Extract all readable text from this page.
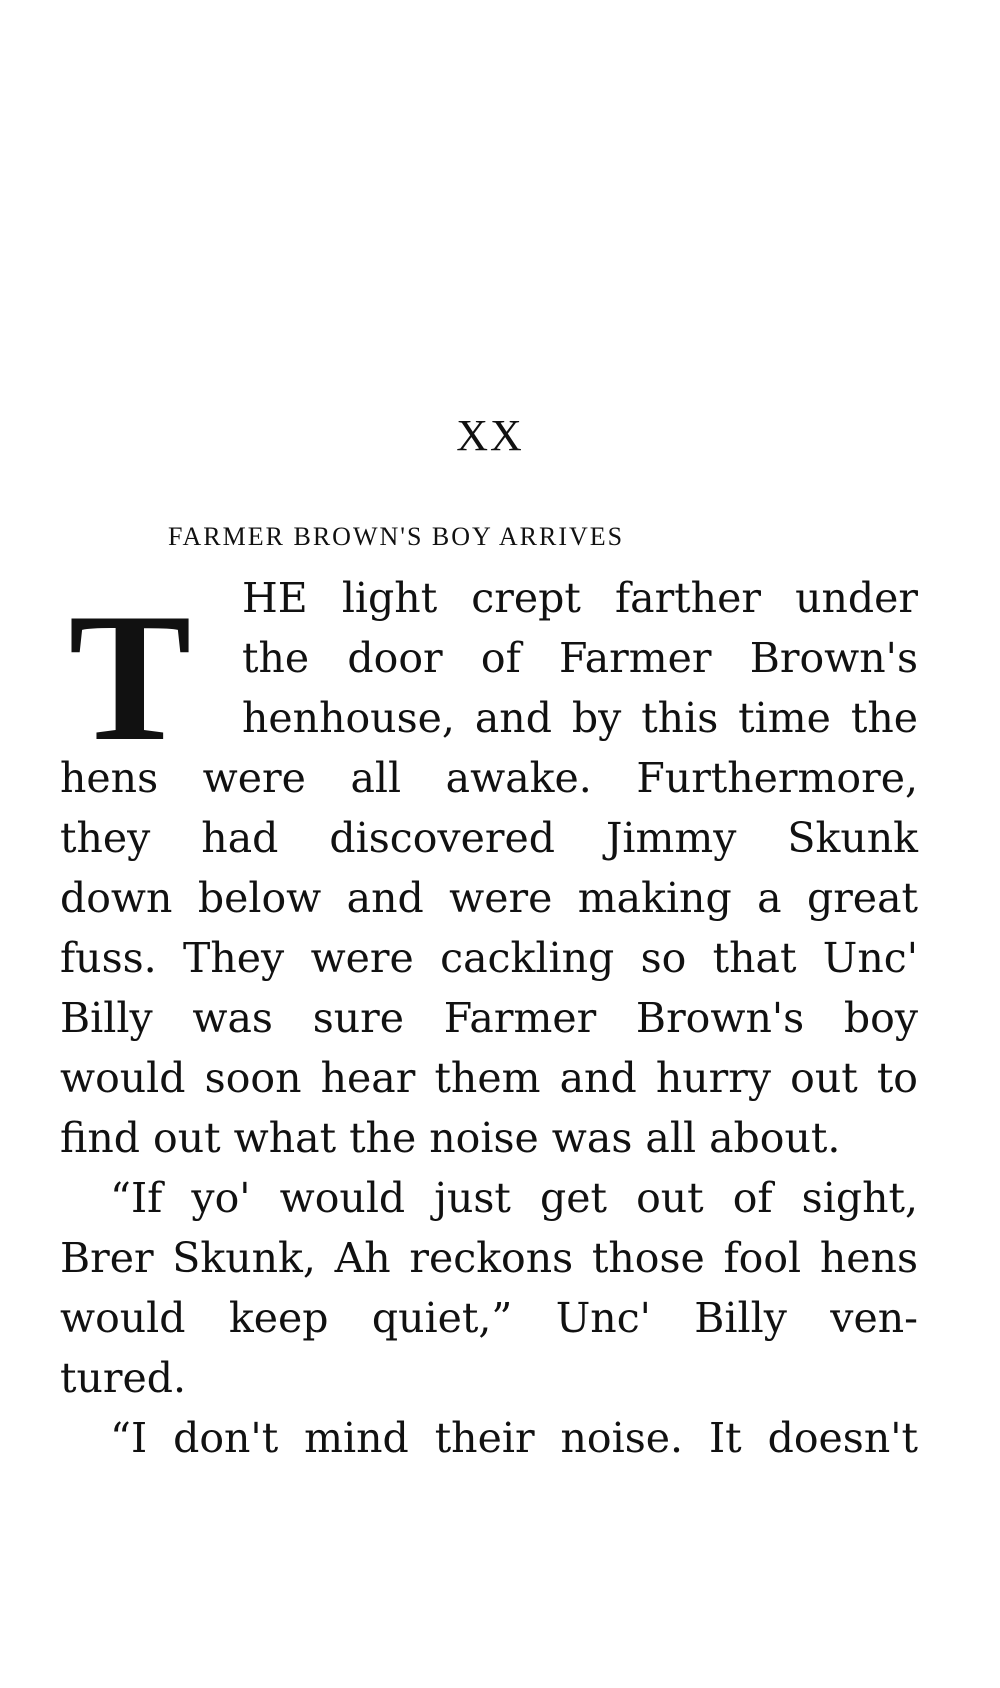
XX
FARMER BROWN'S BOY ARRIVES
T HE light crept farther under
the door of Farmer Brown's
henhouse, and by this time the
hens were all awake. Furthermore,
they had discovered Jimmy Skunk
down below and were making a great
fuss. They were cackling so that Unc'
Billy was sure Farmer Brown's boy
would soon hear them and hurry out to
find out what the noise was all about.
“If yo' would just get out of sight,
Brer Skunk, Ah reckons those fool hens
would keep quiet,” Unc' Billy ven-
tured.
“I don't mind their noise. It doesn't
